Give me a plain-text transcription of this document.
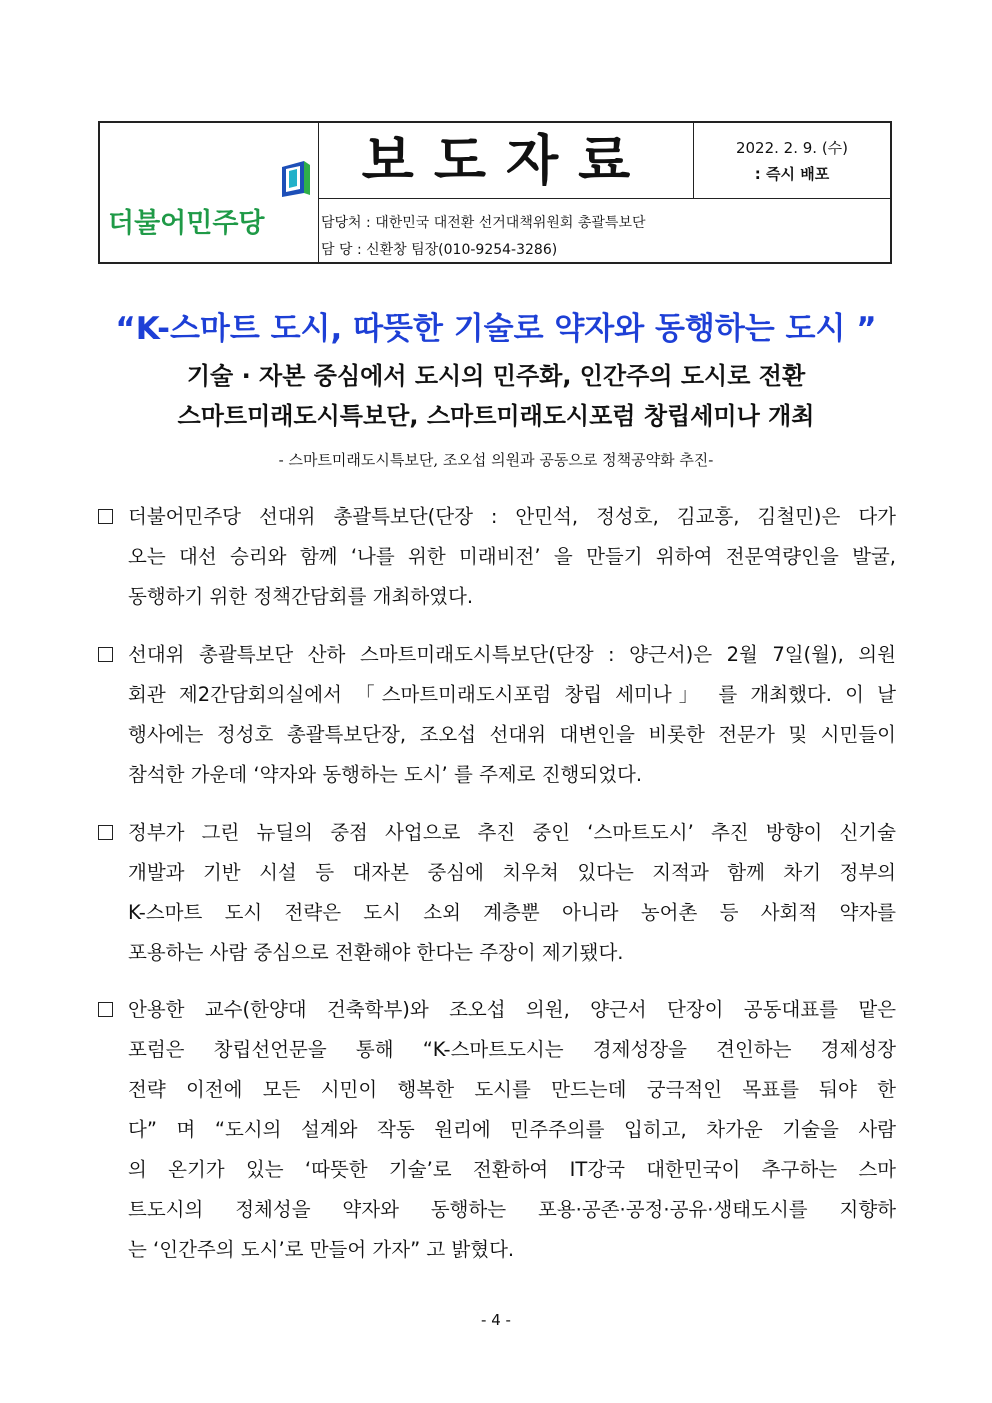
더불어민주당
보도자료	2022. 2. 9. (수)
: 즉시 배포
담당처 : 대한민국 대전환 선거대책위원회 총괄특보단
담 당 : 신환창 팀장(010-9254-3286)
“K-스마트 도시, 따뜻한 기술로 약자와 동행하는 도시 ”
기술 · 자본 중심에서 도시의 민주화, 인간주의 도시로 전환
스마트미래도시특보단, 스마트미래도시포럼 창립세미나 개최
- 스마트미래도시특보단, 조오섭 의원과 공동으로 정책공약화 추진-
더불어민주당 선대위 총괄특보단(단장 : 안민석, 정성호, 김교흥, 김철민)은 다가
오는 대선 승리와 함께 ‘나를 위한 미래비전’ 을 만들기 위하여 전문역량인을 발굴,
동행하기 위한 정책간담회를 개최하였다.
선대위 총괄특보단 산하 스마트미래도시특보단(단장 : 양근서)은 2월 7일(월), 의원
회관 제2간담회의실에서 「스마트미래도시포럼 창립 세미나」 를 개최했다. 이 날
행사에는 정성호 총괄특보단장, 조오섭 선대위 대변인을 비롯한 전문가 및 시민들이
참석한 가운데 ‘약자와 동행하는 도시’ 를 주제로 진행되었다.
정부가 그린 뉴딜의 중점 사업으로 추진 중인 ‘스마트도시’ 추진 방향이 신기술
개발과 기반 시설 등 대자본 중심에 치우쳐 있다는 지적과 함께 차기 정부의
K-스마트 도시 전략은 도시 소외 계층뿐 아니라 농어촌 등 사회적 약자를
포용하는 사람 중심으로 전환해야 한다는 주장이 제기됐다.
안용한 교수(한양대 건축학부)와 조오섭 의원, 양근서 단장이 공동대표를 맡은
포럼은 창립선언문을 통해 “K-스마트도시는 경제성장을 견인하는 경제성장
전략 이전에 모든 시민이 행복한 도시를 만드는데 궁극적인 목표를 둬야 한
다” 며 “도시의 설계와 작동 원리에 민주주의를 입히고, 차가운 기술을 사람
의 온기가 있는 ‘따뜻한 기술’로 전환하여 IT강국 대한민국이 추구하는 스마
트도시의 정체성을 약자와 동행하는 포용·공존·공정·공유·생태도시를 지향하
는 ‘인간주의 도시’로 만들어 가자” 고 밝혔다.
- 4 -
